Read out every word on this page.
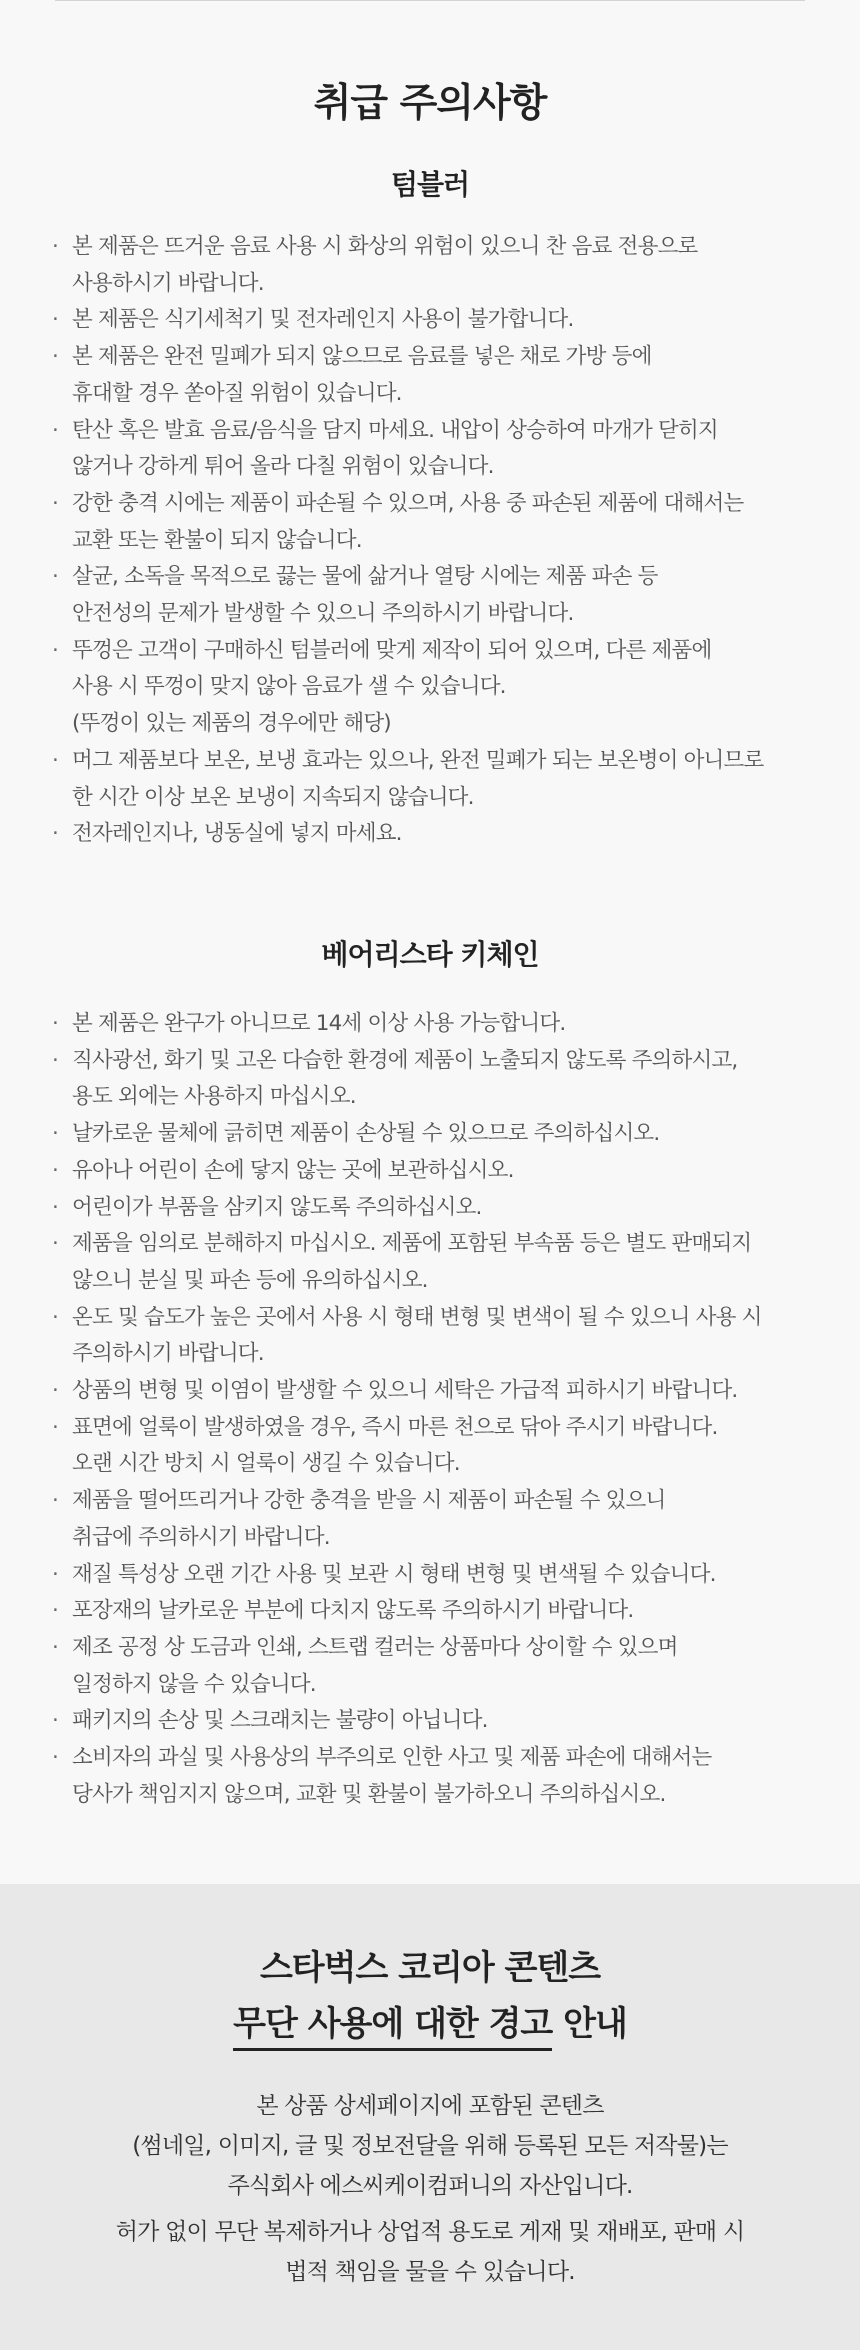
취급 주의사항
텀블러
· 본 제품은 뜨거운 음료 사용 시 화상의 위험이 있으니 찬 음료 전용으로
사용하시기 바랍니다.
· 본 제품은 식기세척기 및 전자레인지 사용이 불가합니다.
· 본 제품은 완전 밀폐가 되지 않으므로 음료를 넣은 채로 가방 등에
휴대할 경우 쏟아질 위험이 있습니다.
· 탄산 혹은 발효 음료/음식을 담지 마세요. 내압이 상승하여 마개가 닫히지
않거나 강하게 튀어 올라 다칠 위험이 있습니다.
· 강한 충격 시에는 제품이 파손될 수 있으며, 사용 중 파손된 제품에 대해서는
교환 또는 환불이 되지 않습니다.
· 살균, 소독을 목적으로 끓는 물에 삶거나 열탕 시에는 제품 파손 등
안전성의 문제가 발생할 수 있으니 주의하시기 바랍니다.
· 뚜껑은 고객이 구매하신 텀블러에 맞게 제작이 되어 있으며, 다른 제품에
사용 시 뚜껑이 맞지 않아 음료가 샐 수 있습니다.
(뚜껑이 있는 제품의 경우에만 해당)
· 머그 제품보다 보온, 보냉 효과는 있으나, 완전 밀폐가 되는 보온병이 아니므로
한 시간 이상 보온 보냉이 지속되지 않습니다.
· 전자레인지나, 냉동실에 넣지 마세요.
베어리스타 키체인
· 본 제품은 완구가 아니므로 14세 이상 사용 가능합니다.
· 직사광선, 화기 및 고온 다습한 환경에 제품이 노출되지 않도록 주의하시고,
용도 외에는 사용하지 마십시오.
· 날카로운 물체에 긁히면 제품이 손상될 수 있으므로 주의하십시오.
· 유아나 어린이 손에 닿지 않는 곳에 보관하십시오.
· 어린이가 부품을 삼키지 않도록 주의하십시오.
· 제품을 임의로 분해하지 마십시오. 제품에 포함된 부속품 등은 별도 판매되지
않으니 분실 및 파손 등에 유의하십시오.
· 온도 및 습도가 높은 곳에서 사용 시 형태 변형 및 변색이 될 수 있으니 사용 시
주의하시기 바랍니다.
· 상품의 변형 및 이염이 발생할 수 있으니 세탁은 가급적 피하시기 바랍니다.
· 표면에 얼룩이 발생하였을 경우, 즉시 마른 천으로 닦아 주시기 바랍니다.
오랜 시간 방치 시 얼룩이 생길 수 있습니다.
· 제품을 떨어뜨리거나 강한 충격을 받을 시 제품이 파손될 수 있으니
취급에 주의하시기 바랍니다.
· 재질 특성상 오랜 기간 사용 및 보관 시 형태 변형 및 변색될 수 있습니다.
· 포장재의 날카로운 부분에 다치지 않도록 주의하시기 바랍니다.
· 제조 공정 상 도금과 인쇄, 스트랩 컬러는 상품마다 상이할 수 있으며
일정하지 않을 수 있습니다.
· 패키지의 손상 및 스크래치는 불량이 아닙니다.
· 소비자의 과실 및 사용상의 부주의로 인한 사고 및 제품 파손에 대해서는
당사가 책임지지 않으며, 교환 및 환불이 불가하오니 주의하십시오.
스타벅스 코리아 콘텐츠
무단 사용에 대한 경고 안내
본 상품 상세페이지에 포함된 콘텐츠
(썸네일, 이미지, 글 및 정보전달을 위해 등록된 모든 저작물)는
주식회사 에스씨케이컴퍼니의 자산입니다.
허가 없이 무단 복제하거나 상업적 용도로 게재 및 재배포, 판매 시
법적 책임을 물을 수 있습니다.
